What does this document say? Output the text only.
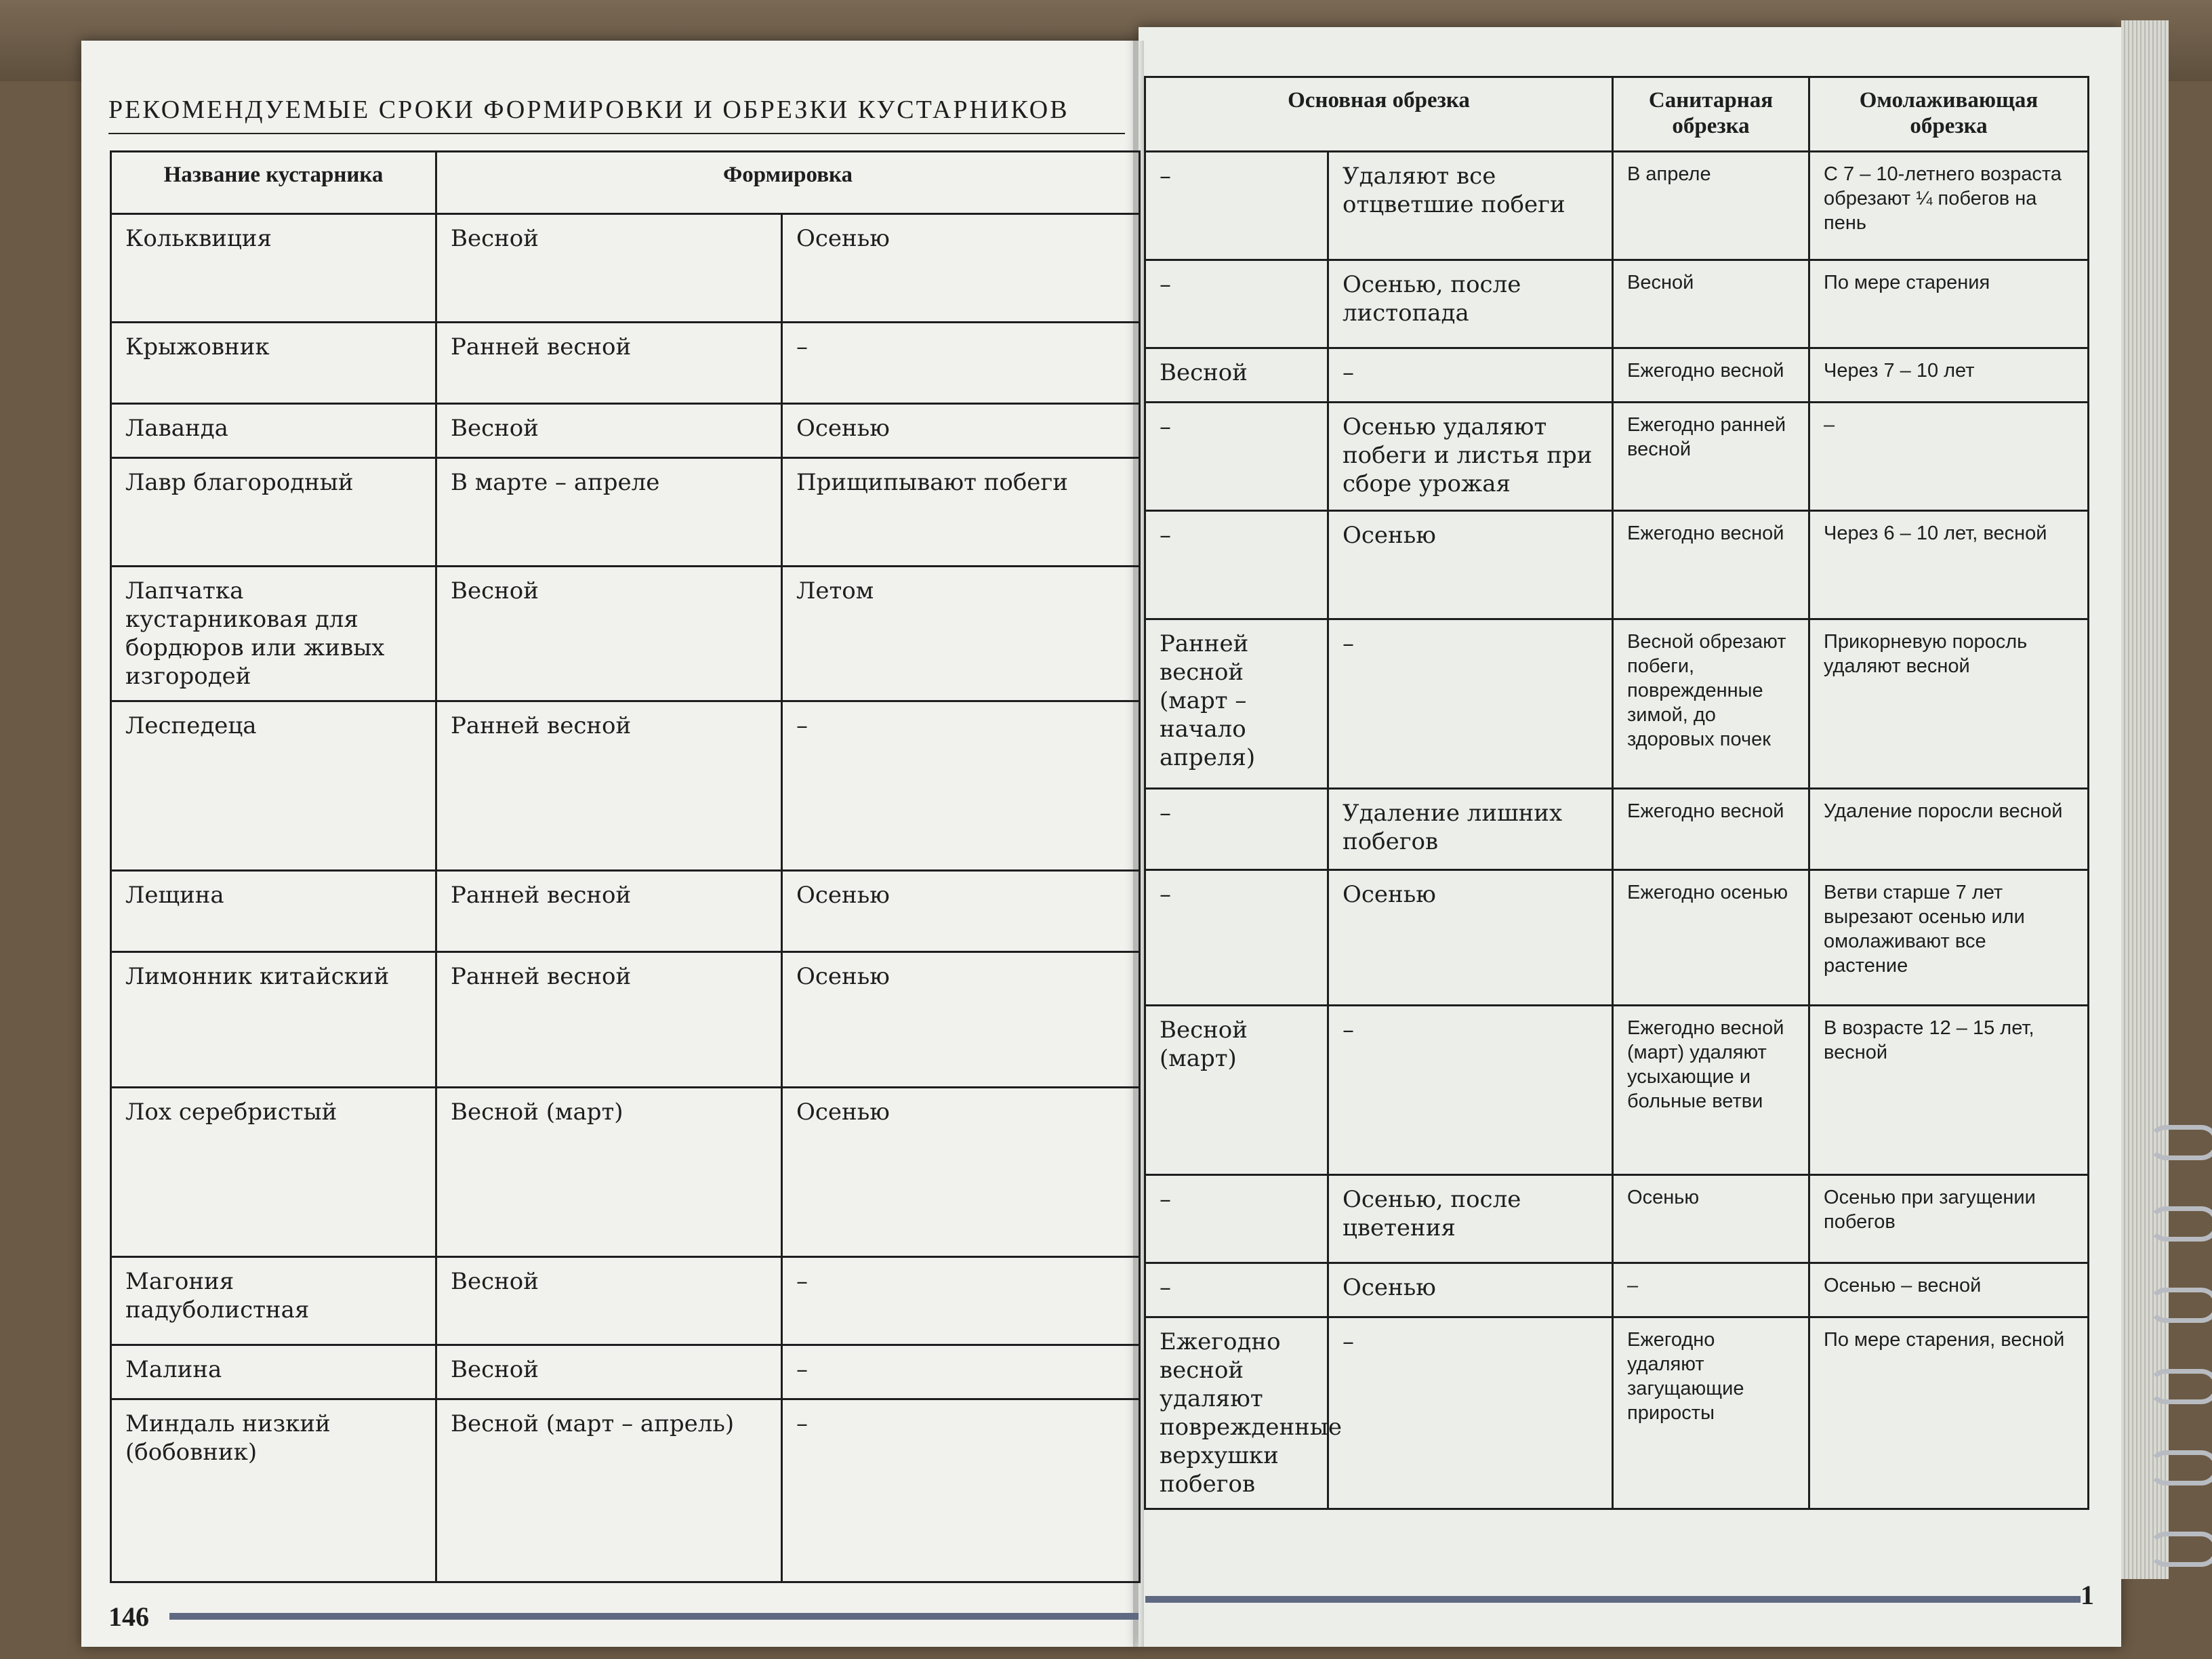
РЕКОМЕНДУЕМЫЕ СРОКИ ФОРМИРОВКИ И ОБРЕЗКИ КУСТАРНИКОВ
Название кустарника	Формировка	
Кольквиция	Весной	Осенью
Крыжовник	Ранней весной	–
Лаванда	Весной	Осенью
Лавр благородный	В марте – апреле	Прищипывают побеги
Лапчатка кустарниковая для бордюров или живых изгородей	Весной	Летом
Леспедеца	Ранней весной	–
Лещина	Ранней весной	Осенью
Лимонник китайский	Ранней весной	Осенью
Лох серебристый	Весной (март)	Осенью
Магония падуболистная	Весной	–
Малина	Весной	–
Миндаль низкий (бобовник)	Весной (март – апрель)	–
Основная обрезка		Санитарная обрезка	Омолаживающая обрезка
–	Удаляют все отцветшие побеги	В апреле	С 7 – 10-летнего возраста обрезают ¼ побегов на пень
–	Осенью, после листопада	Весной	По мере старения
Весной	–	Ежегодно весной	Через 7 – 10 лет
–	Осенью удаляют побеги и листья при сборе урожая	Ежегодно ранней весной	–
–	Осенью	Ежегодно весной	Через 6 – 10 лет, весной
Ранней весной (март – начало апреля)	–	Весной обрезают побеги, поврежденные зимой, до здоровых почек	Прикорневую поросль удаляют весной
–	Удаление лишних побегов	Ежегодно весной	Удаление поросли весной
–	Осенью	Ежегодно осенью	Ветви старше 7 лет вырезают осенью или омолаживают все растение
Весной (март)	–	Ежегодно весной (март) удаляют усыхающие и больные ветви	В возрасте 12 – 15 лет, весной
–	Осенью, после цветения	Осенью	Осенью при загущении побегов
–	Осенью	–	Осенью – весной
Ежегодно весной удаляют поврежденные верхушки побегов	–	Ежегодно удаляют загущающие приросты	По мере старения, весной
146
1
